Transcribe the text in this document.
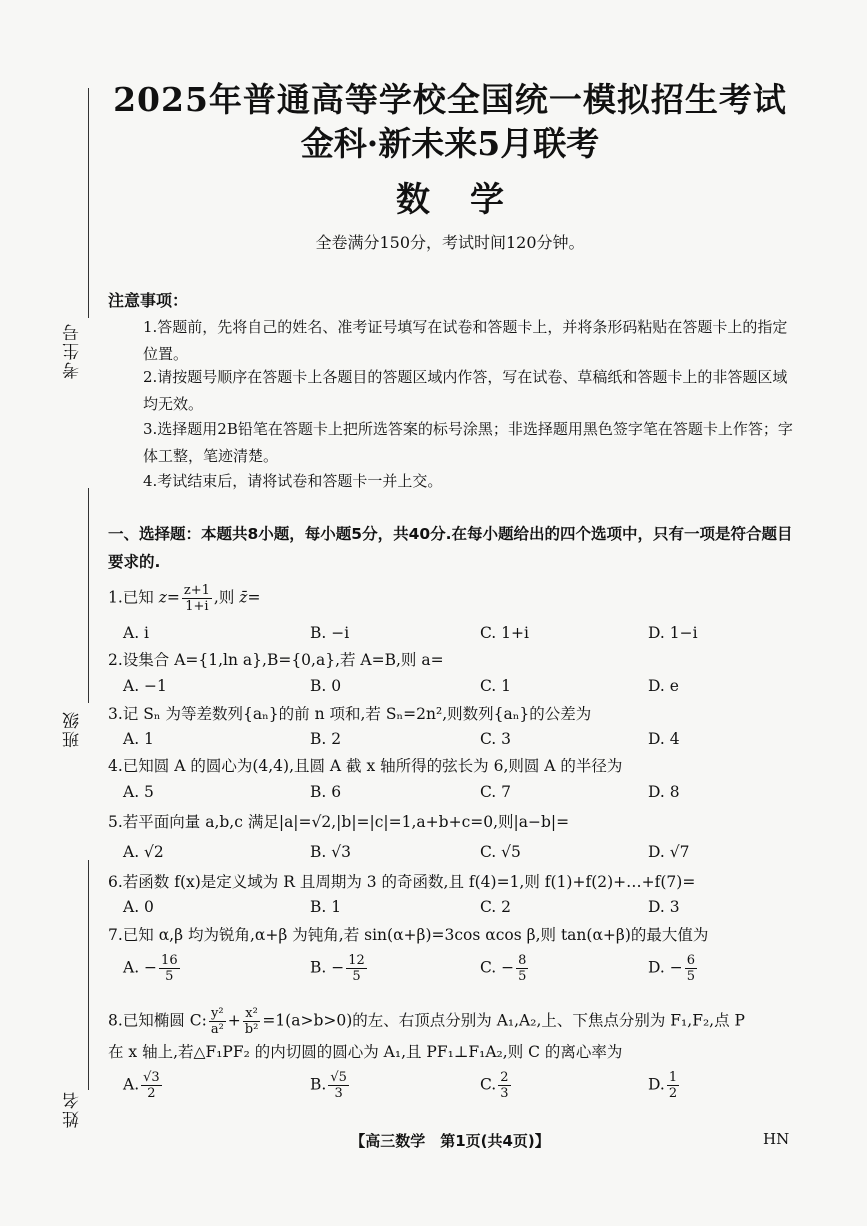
考生号
班级
姓名
2025年普通高等学校全国统一模拟招生考试
金科·新未来5月联考
数学
全卷满分150分，考试时间120分钟。
注意事项：
1.答题前，先将自己的姓名、准考证号填写在试卷和答题卡上，并将条形码粘贴在答题卡上的指定位置。
2.请按题号顺序在答题卡上各题目的答题区域内作答，写在试卷、草稿纸和答题卡上的非答题区域均无效。
3.选择题用2B铅笔在答题卡上把所选答案的标号涂黑；非选择题用黑色签字笔在答题卡上作答；字体工整，笔迹清楚。
4.考试结束后，请将试卷和答题卡一并上交。
一、选择题：本题共8小题，每小题5分，共40分.在每小题给出的四个选项中，只有一项是符合题目要求的.
1.已知 $z= \frac{z+1}{1+i}$ ,则 z̄=
A. i	B. −i	C. 1+i	D. 1−i
2.设集合 A={1,ln a},B={0,a},若 A=B,则 a=
A. −1	B. 0	C. 1	D. e
3.记 Sₙ 为等差数列{aₙ}的前 n 项和,若 Sₙ=2n²,则数列{aₙ}的公差为
A. 1	B. 2	C. 3	D. 4
4.已知圆 A 的圆心为(4,4),且圆 A 截 x 轴所得的弦长为 6,则圆 A 的半径为
A. 5	B. 6	C. 7	D. 8
5.若平面向量 a,b,c 满足|a|=√2,|b|=|c|=1,a+b+c=0,则|a−b|=
A. √2	B. √3	C. √5	D. √7
6.若函数 f(x)是定义域为 R 且周期为 3 的奇函数,且 f(4)=1,则 f(1)+f(2)+…+f(7)=
A. 0	B. 1	C. 2	D. 3
7.已知 α,β 均为锐角,α+β 为钝角,若 sin(α+β)=3cos αcos β,则 tan(α+β)的最大值为
A. − $\frac{16}{5}$	B. − $\frac{12}{5}$	C. − $\frac{8}{5}$	D. − $\frac{6}{5}$
8.已知椭圆 C: $\frac{\text{y²}}{\text{a²}} + \frac{\text{x²}}{\text{b²}} =1(a>b>0)$的左、右顶点分别为 A₁,A₂,上、下焦点分别为 F₁,F₂,点 P
在 x 轴上,若△F₁PF₂ 的内切圆的圆心为 A₁,且 PF₁⊥F₁A₂,则 C 的离心率为
A. $\frac{√3}{2}$	B. $\frac{√5}{3}$	C. $\frac{2}{3}$	D. $\frac{1}{2}$
【高三数学　第1页(共4页)】	HN
